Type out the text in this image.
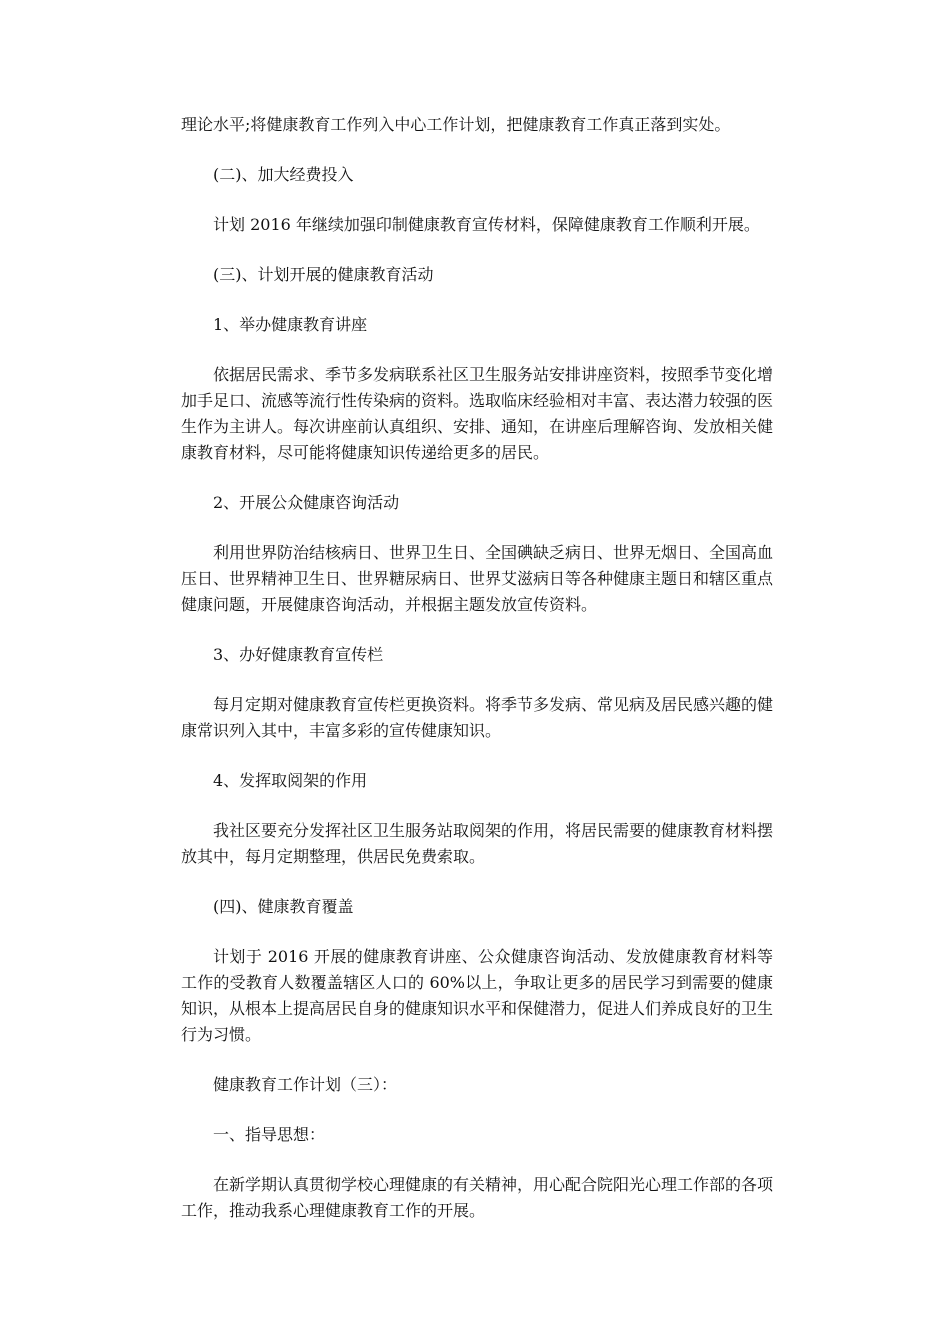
理论水平;将健康教育工作列入中心工作计划，把健康教育工作真正落到实处。

(二)、加大经费投入

计划 2016 年继续加强印制健康教育宣传材料，保障健康教育工作顺利开展。

(三)、计划开展的健康教育活动

1、举办健康教育讲座

依据居民需求、季节多发病联系社区卫生服务站安排讲座资料，按照季节变化增加手足口、流感等流行性传染病的资料。选取临床经验相对丰富、表达潜力较强的医生作为主讲人。每次讲座前认真组织、安排、通知，在讲座后理解咨询、发放相关健康教育材料，尽可能将健康知识传递给更多的居民。

2、开展公众健康咨询活动

利用世界防治结核病日、世界卫生日、全国碘缺乏病日、世界无烟日、全国高血压日、世界精神卫生日、世界糖尿病日、世界艾滋病日等各种健康主题日和辖区重点健康问题，开展健康咨询活动，并根据主题发放宣传资料。

3、办好健康教育宣传栏

每月定期对健康教育宣传栏更换资料。将季节多发病、常见病及居民感兴趣的健康常识列入其中，丰富多彩的宣传健康知识。

4、发挥取阅架的作用

我社区要充分发挥社区卫生服务站取阅架的作用，将居民需要的健康教育材料摆放其中，每月定期整理，供居民免费索取。

(四)、健康教育覆盖

计划于 2016 开展的健康教育讲座、公众健康咨询活动、发放健康教育材料等工作的受教育人数覆盖辖区人口的 60%以上，争取让更多的居民学习到需要的健康知识，从根本上提高居民自身的健康知识水平和保健潜力，促进人们养成良好的卫生行为习惯。

健康教育工作计划（三）：

一、指导思想：

在新学期认真贯彻学校心理健康的有关精神，用心配合院阳光心理工作部的各项工作，推动我系心理健康教育工作的开展。
